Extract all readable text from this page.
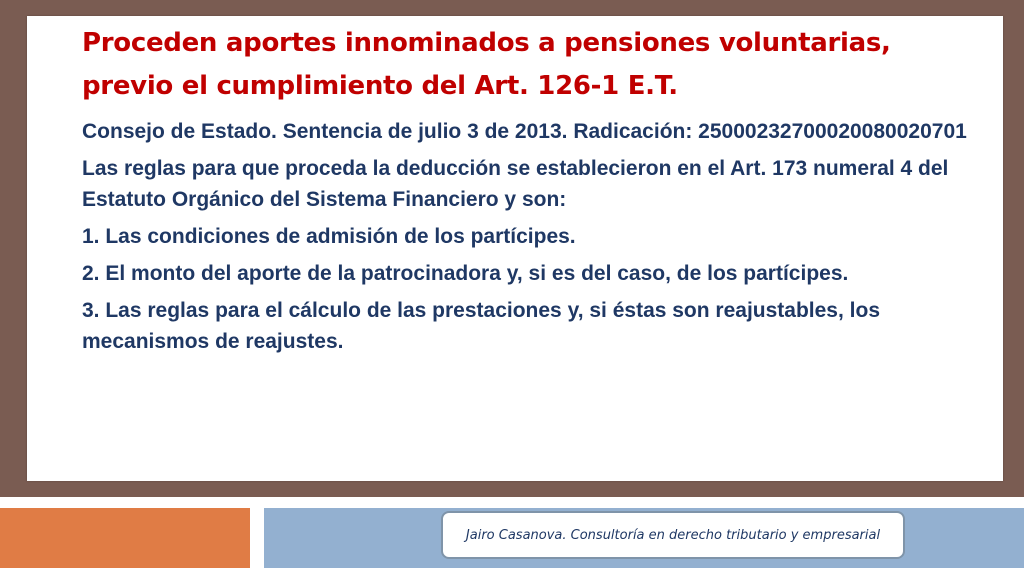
Proceden aportes innominados a pensiones voluntarias, previo el cumplimiento del Art. 126-1 E.T.

Consejo de Estado. Sentencia de julio 3 de 2013. Radicación: 25000232700020080020701

Las reglas para que proceda la deducción se establecieron en el Art. 173 numeral 4 del Estatuto Orgánico del Sistema Financiero y son:

1. Las condiciones de admisión de los partícipes.

2. El monto del aporte de la patrocinadora y, si es del caso, de los partícipes.

3. Las reglas para el cálculo de las prestaciones y, si éstas son reajustables, los mecanismos de reajustes.

Jairo Casanova. Consultoría en derecho tributario y empresarial
